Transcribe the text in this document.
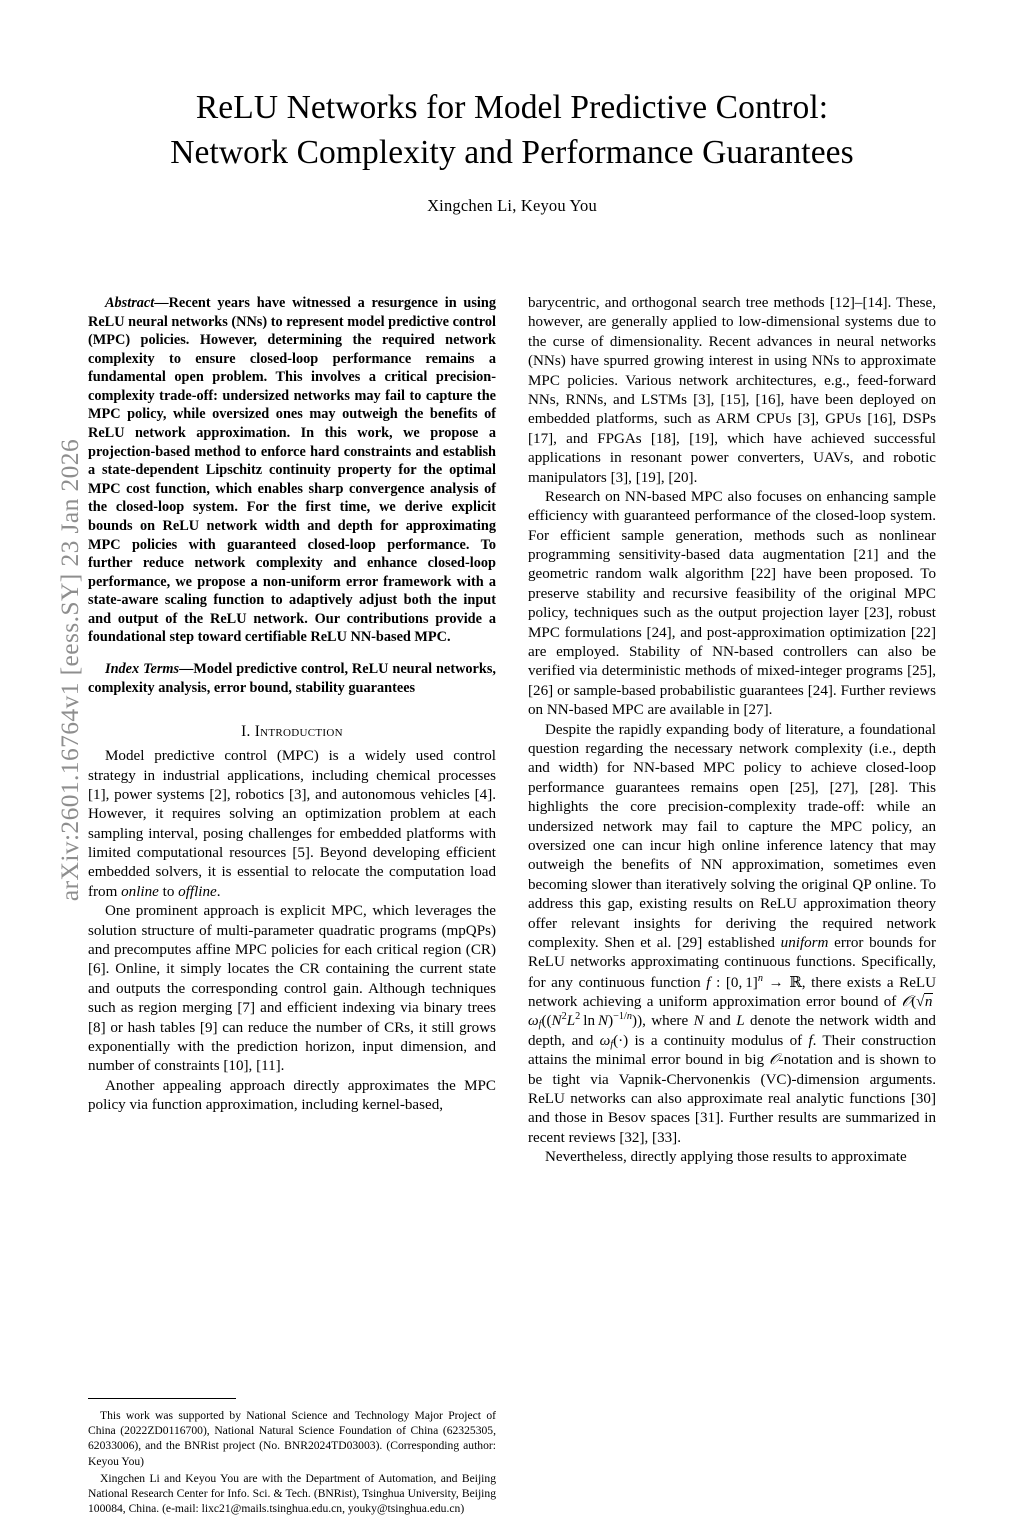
arXiv:2601.16764v1 [eess.SY] 23 Jan 2026
ReLU Networks for Model Predictive Control:
Network Complexity and Performance Guarantees
Xingchen Li, Keyou You

Abstract—Recent years have witnessed a resurgence in using ReLU neural networks (NNs) to represent model predictive control (MPC) policies. However, determining the required network complexity to ensure closed-loop performance remains a fundamental open problem. This involves a critical precision-complexity trade-off: undersized networks may fail to capture the MPC policy, while oversized ones may outweigh the benefits of ReLU network approximation. In this work, we propose a projection-based method to enforce hard constraints and establish a state-dependent Lipschitz continuity property for the optimal MPC cost function, which enables sharp convergence analysis of the closed-loop system. For the first time, we derive explicit bounds on ReLU network width and depth for approximating MPC policies with guaranteed closed-loop performance. To further reduce network complexity and enhance closed-loop performance, we propose a non-uniform error framework with a state-aware scaling function to adaptively adjust both the input and output of the ReLU network. Our contributions provide a foundational step toward certifiable ReLU NN-based MPC.

Index Terms—Model predictive control, ReLU neural networks, complexity analysis, error bound, stability guarantees

I. Introduction

Model predictive control (MPC) is a widely used control strategy in industrial applications, including chemical processes [1], power systems [2], robotics [3], and autonomous vehicles [4]. However, it requires solving an optimization problem at each sampling interval, posing challenges for embedded platforms with limited computational resources [5]. Beyond developing efficient embedded solvers, it is essential to relocate the computation load from online to offline.

One prominent approach is explicit MPC, which leverages the solution structure of multi-parameter quadratic programs (mpQPs) and precomputes affine MPC policies for each critical region (CR) [6]. Online, it simply locates the CR containing the current state and outputs the corresponding control gain. Although techniques such as region merging [7] and efficient indexing via binary trees [8] or hash tables [9] can reduce the number of CRs, it still grows exponentially with the prediction horizon, input dimension, and number of constraints [10], [11].

Another appealing approach directly approximates the MPC policy via function approximation, including kernel-based,

This work was supported by National Science and Technology Major Project of China (2022ZD0116700), National Natural Science Foundation of China (62325305, 62033006), and the BNRist project (No. BNR2024TD03003). (Corresponding author: Keyou You)

Xingchen Li and Keyou You are with the Department of Automation, and Beijing National Research Center for Info. Sci. & Tech. (BNRist), Tsinghua University, Beijing 100084, China. (e-mail: lixc21@mails.tsinghua.edu.cn, youky@tsinghua.edu.cn)

barycentric, and orthogonal search tree methods [12]–[14]. These, however, are generally applied to low-dimensional systems due to the curse of dimensionality. Recent advances in neural networks (NNs) have spurred growing interest in using NNs to approximate MPC policies. Various network architectures, e.g., feed-forward NNs, RNNs, and LSTMs [3], [15], [16], have been deployed on embedded platforms, such as ARM CPUs [3], GPUs [16], DSPs [17], and FPGAs [18], [19], which have achieved successful applications in resonant power converters, UAVs, and robotic manipulators [3], [19], [20].

Research on NN-based MPC also focuses on enhancing sample efficiency with guaranteed performance of the closed-loop system. For efficient sample generation, methods such as nonlinear programming sensitivity-based data augmentation [21] and the geometric random walk algorithm [22] have been proposed. To preserve stability and recursive feasibility of the original MPC policy, techniques such as the output projection layer [23], robust MPC formulations [24], and post-approximation optimization [22] are employed. Stability of NN-based controllers can also be verified via deterministic methods of mixed-integer programs [25], [26] or sample-based probabilistic guarantees [24]. Further reviews on NN-based MPC are available in [27].

Despite the rapidly expanding body of literature, a foundational question regarding the necessary network complexity (i.e., depth and width) for NN-based MPC policy to achieve closed-loop performance guarantees remains open [25], [27], [28]. This highlights the core precision-complexity trade-off: while an undersized network may fail to capture the MPC policy, an oversized one can incur high online inference latency that may outweigh the benefits of NN approximation, sometimes even becoming slower than iteratively solving the original QP online. To address this gap, existing results on ReLU approximation theory offer relevant insights for deriving the required network complexity. Shen et al. [29] established uniform error bounds for ReLU networks approximating continuous functions. Specifically, for any continuous function f : [0, 1]$^n$ → ℝ, there exists a ReLU network achieving a uniform approximation error bound of 𝒪(√n $\omega_f((N^2L^2$  ln  N)$^{-1/n}$)), where N and L denote the network width and depth, and $\omega_f(\cdot)$ is a continuity modulus of f. Their construction attains the minimal error bound in big 𝒪-notation and is shown to be tight via Vapnik-Chervonenkis (VC)-dimension arguments. ReLU networks can also approximate real analytic functions [30] and those in Besov spaces [31]. Further results are summarized in recent reviews [32], [33].

Nevertheless, directly applying those results to approximate
